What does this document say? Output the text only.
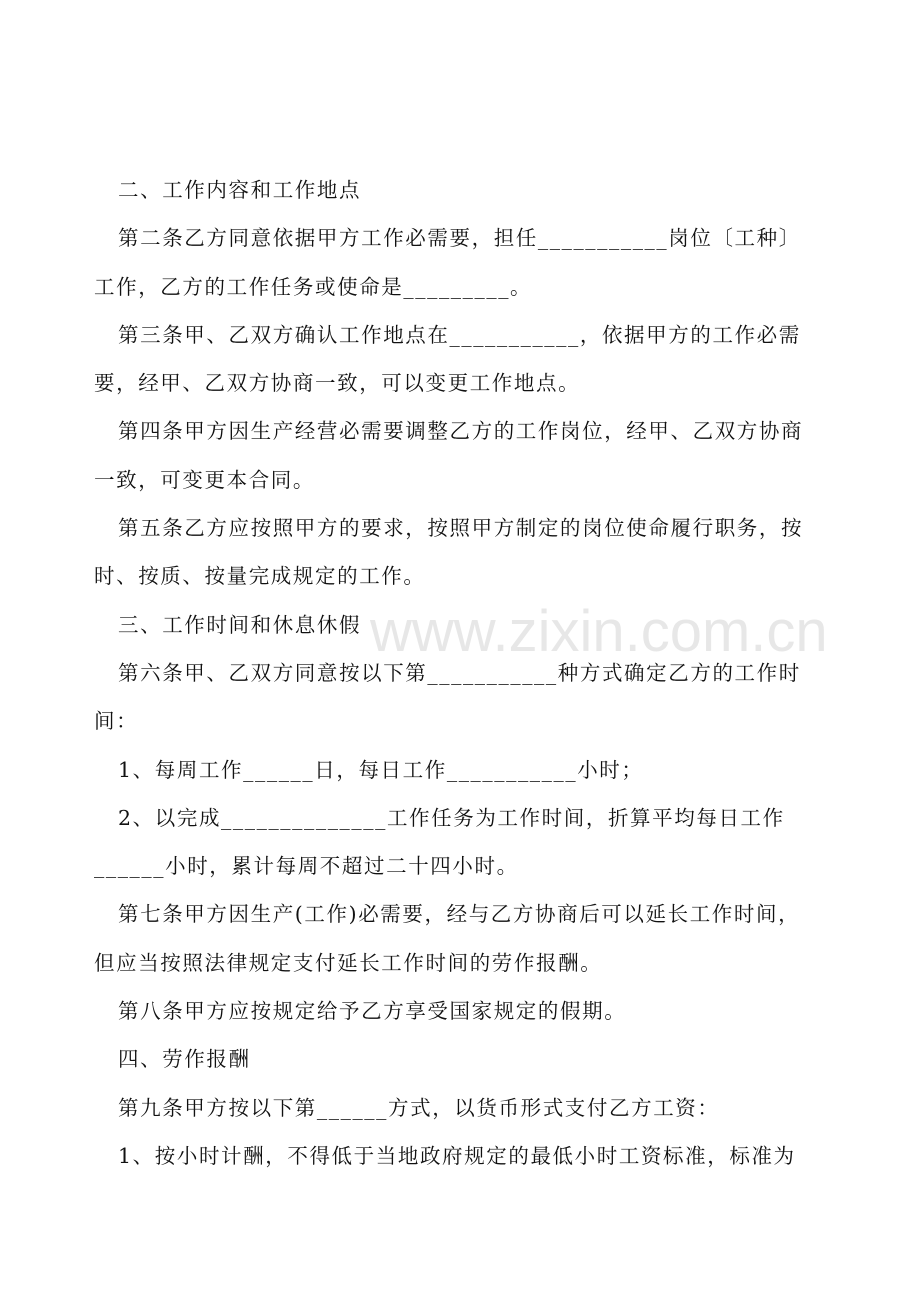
二、工作内容和工作地点
第二条乙方同意依据甲方工作必需要，担任___________岗位〔工种〕
工作，乙方的工作任务或使命是_________。
第三条甲、乙双方确认工作地点在___________，依据甲方的工作必需
要，经甲、乙双方协商一致，可以变更工作地点。
第四条甲方因生产经营必需要调整乙方的工作岗位，经甲、乙双方协商
一致，可变更本合同。
第五条乙方应按照甲方的要求，按照甲方制定的岗位使命履行职务，按
时、按质、按量完成规定的工作。
三、工作时间和休息休假
第六条甲、乙双方同意按以下第___________种方式确定乙方的工作时
间：
1、每周工作______日，每日工作___________小时；
2、以完成______________工作任务为工作时间，折算平均每日工作
______小时，累计每周不超过二十四小时。
第七条甲方因生产(工作)必需要，经与乙方协商后可以延长工作时间，
但应当按照法律规定支付延长工作时间的劳作报酬。
第八条甲方应按规定给予乙方享受国家规定的假期。
四、劳作报酬
第九条甲方按以下第______方式，以货币形式支付乙方工资：
1、按小时计酬，不得低于当地政府规定的最低小时工资标准，标准为
www.zixin.com.cn
